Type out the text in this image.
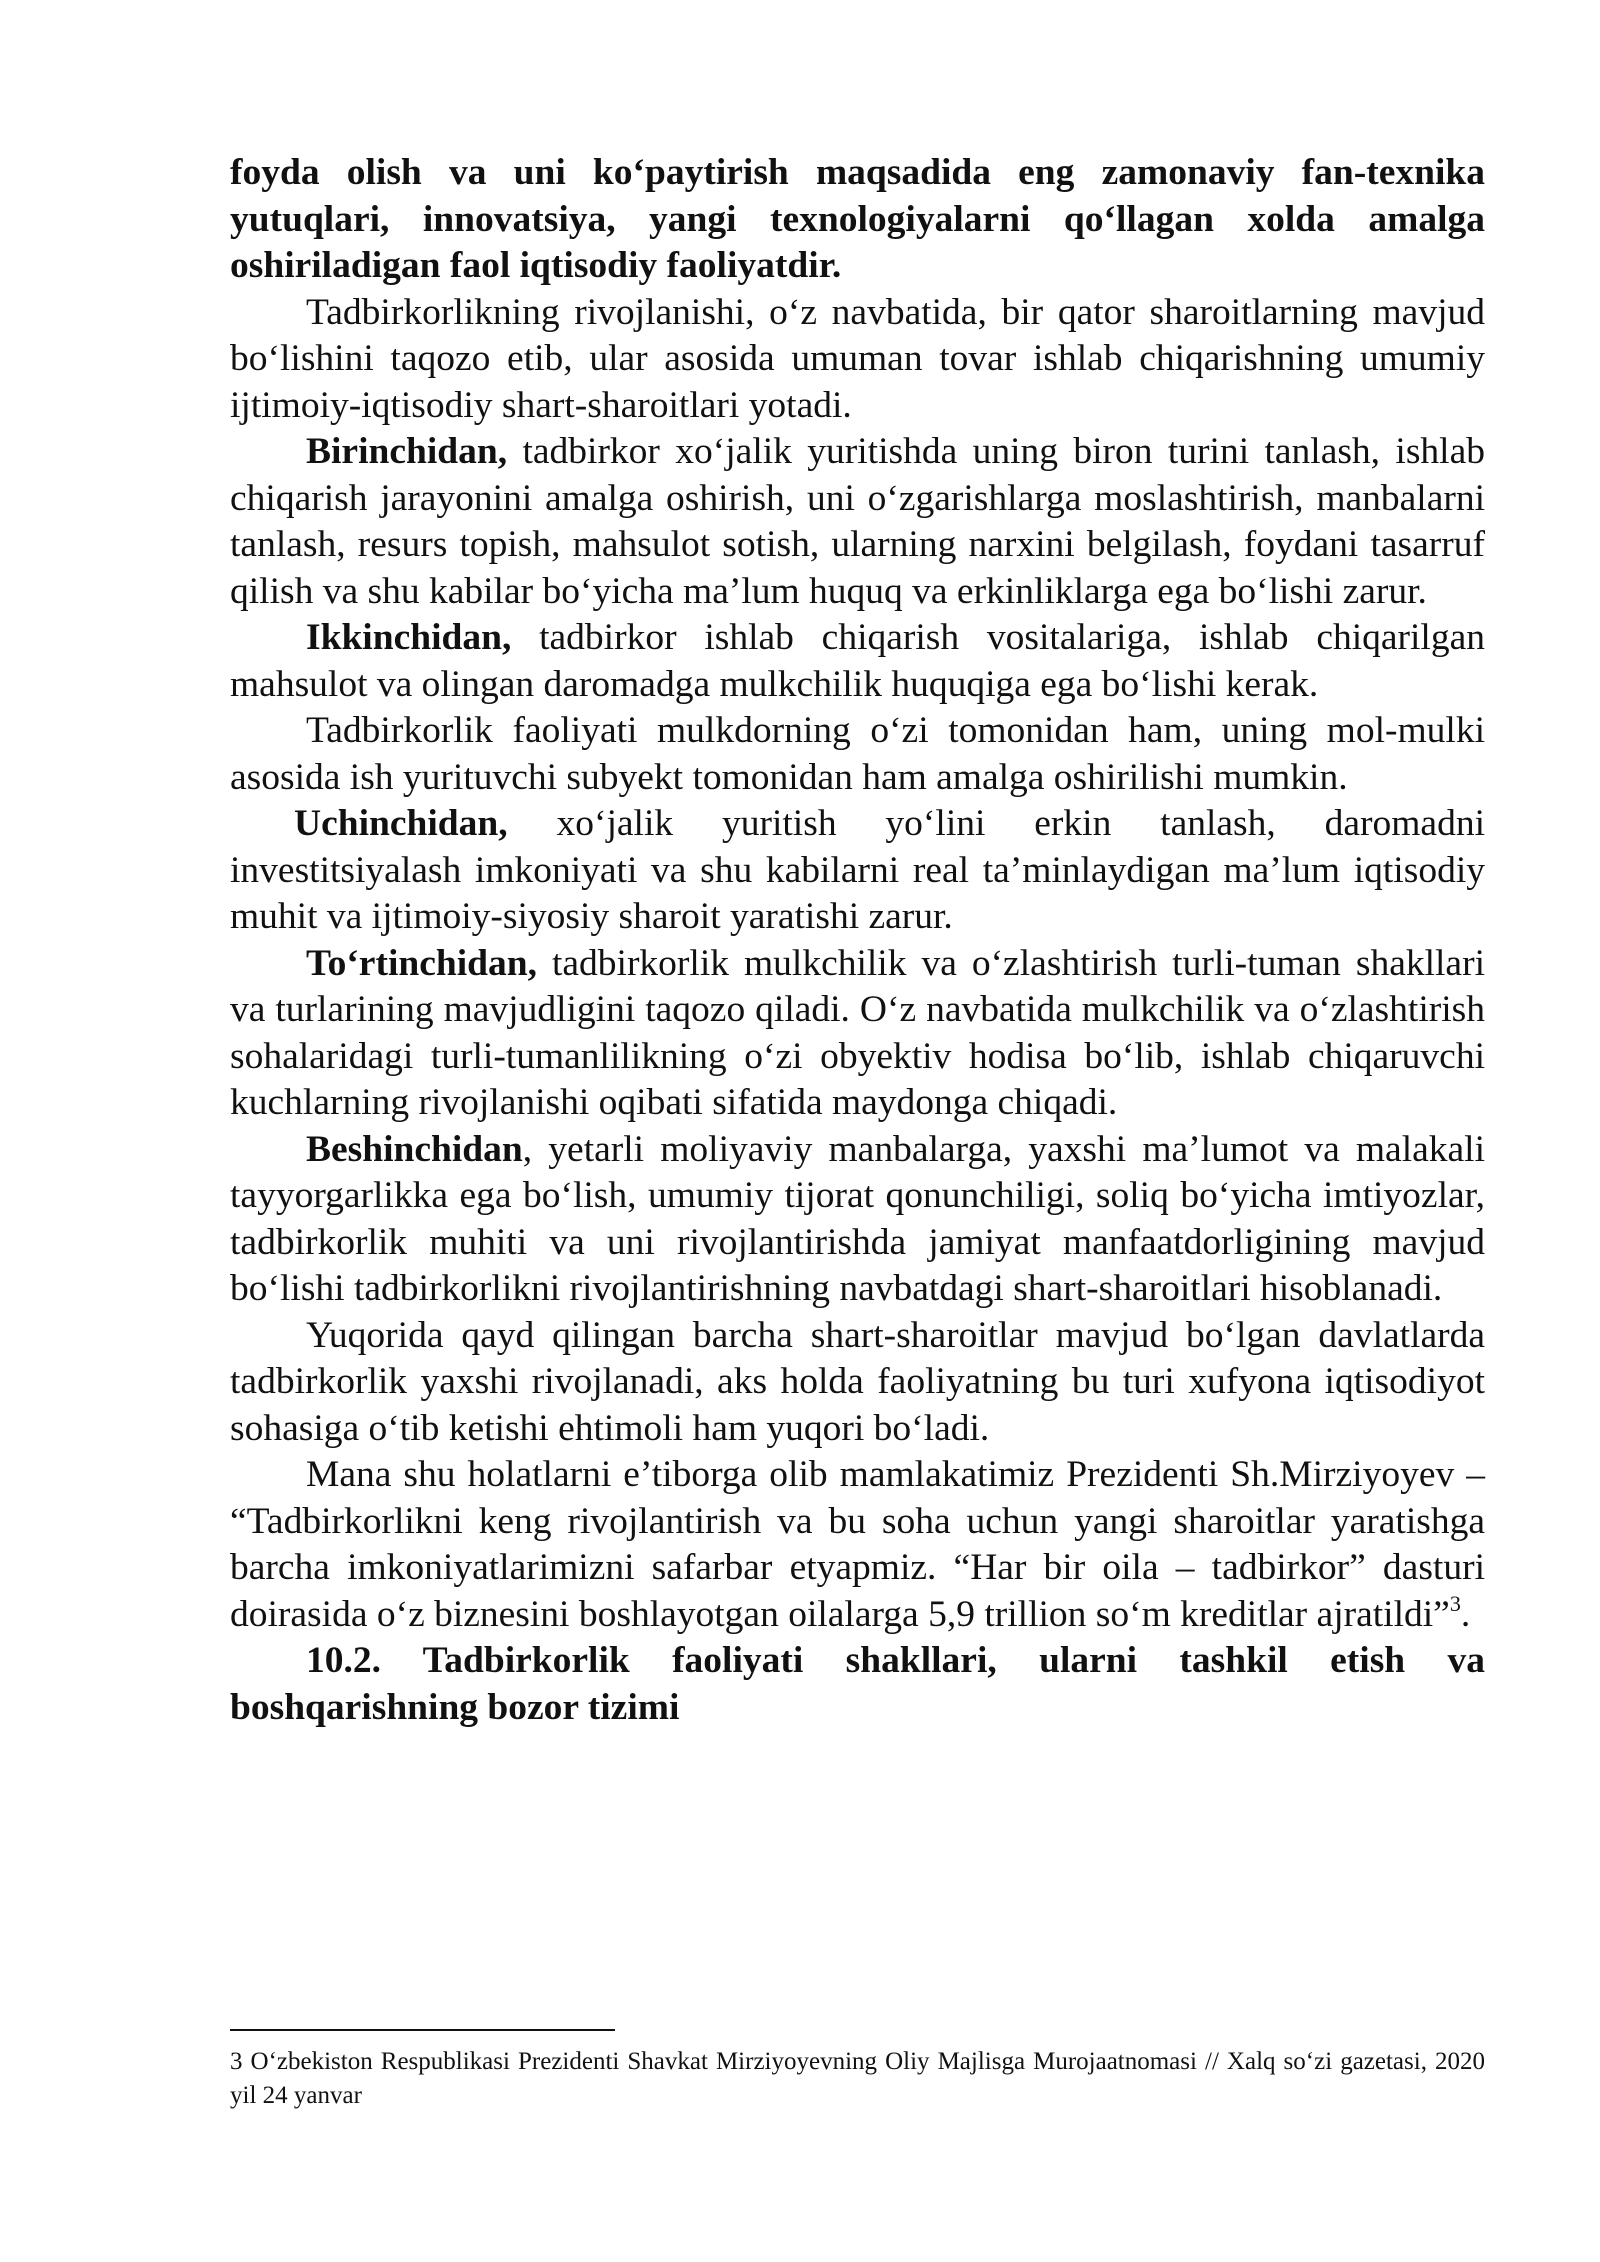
foyda olish va uni ko‘paytirish maqsadida eng zamonaviy fan-texnika yutuqlari, innovatsiya, yangi texnologiyalarni qo‘llagan xolda amalga oshiriladigan faol iqtisodiy faoliyatdir.

Tadbirkorlikning rivojlanishi, o‘z navbatida, bir qator sharoitlarning mavjud bo‘lishini taqozo etib, ular asosida umuman tovar ishlab chiqarishning umumiy ijtimoiy-iqtisodiy shart-sharoitlari yotadi.

Birinchidan, tadbirkor xo‘jalik yuritishda uning biron turini tanlash, ishlab chiqarish jarayonini amalga oshirish, uni o‘zgarishlarga moslashtirish, manbalarni tanlash, resurs topish, mahsulot sotish, ularning narxini belgilash, foydani tasarruf qilish va shu kabilar bo‘yicha ma’lum huquq va erkinliklarga ega bo‘lishi zarur.

Ikkinchidan, tadbirkor ishlab chiqarish vositalariga, ishlab chiqarilgan mahsulot va olingan daromadga mulkchilik huquqiga ega bo‘lishi kerak.

Tadbirkorlik faoliyati mulkdorning o‘zi tomonidan ham, uning mol-mulki asosida ish yurituvchi subyekt tomonidan ham amalga oshirilishi mumkin.

Uchinchidan, xo‘jalik yuritish yo‘lini erkin tanlash, daromadni investitsiyalash imkoniyati va shu kabilarni real ta’minlaydigan ma’lum iqtisodiy muhit va ijtimoiy-siyosiy sharoit yaratishi zarur.

To‘rtinchidan, tadbirkorlik mulkchilik va o‘zlashtirish turli-tuman shakllari va turlarining mavjudligini taqozo qiladi. O‘z navbatida mulkchilik va o‘zlashtirish sohalaridagi turli-tumanlilikning o‘zi obyektiv hodisa bo‘lib, ishlab chiqaruvchi kuchlarning rivojlanishi oqibati sifatida maydonga chiqadi.

Beshinchidan, yetarli moliyaviy manbalarga, yaxshi ma’lumot va malakali tayyorgarlikka ega bo‘lish, umumiy tijorat qonunchiligi, soliq bo‘yicha imtiyozlar, tadbirkorlik muhiti va uni rivojlantirishda jamiyat manfaatdorligining mavjud bo‘lishi tadbirkorlikni rivojlantirishning navbatdagi shart-sharoitlari hisoblanadi.

Yuqorida qayd qilingan barcha shart-sharoitlar mavjud bo‘lgan davlatlarda tadbirkorlik yaxshi rivojlanadi, aks holda faoliyatning bu turi xufyona iqtisodiyot sohasiga o‘tib ketishi ehtimoli ham yuqori bo‘ladi.

Mana shu holatlarni e’tiborga olib mamlakatimiz Prezidenti Sh.Mirziyoyev – “Tadbirkorlikni keng rivojlantirish va bu soha uchun yangi sharoitlar yaratishga barcha imkoniyatlarimizni safarbar etyapmiz. “Har bir oila – tadbirkor” dasturi doirasida o‘z biznesini boshlayotgan oilalarga 5,9 trillion so‘m kreditlar ajratildi”$^3$.

10.2. Tadbirkorlik faoliyati shakllari, ularni tashkil etish va boshqarishning bozor tizimi

3 O‘zbekiston Respublikasi Prezidenti Shavkat Mirziyoyevning Oliy Majlisga Murojaatnomasi // Xalq so‘zi gazetasi, 2020 yil 24 yanvar
